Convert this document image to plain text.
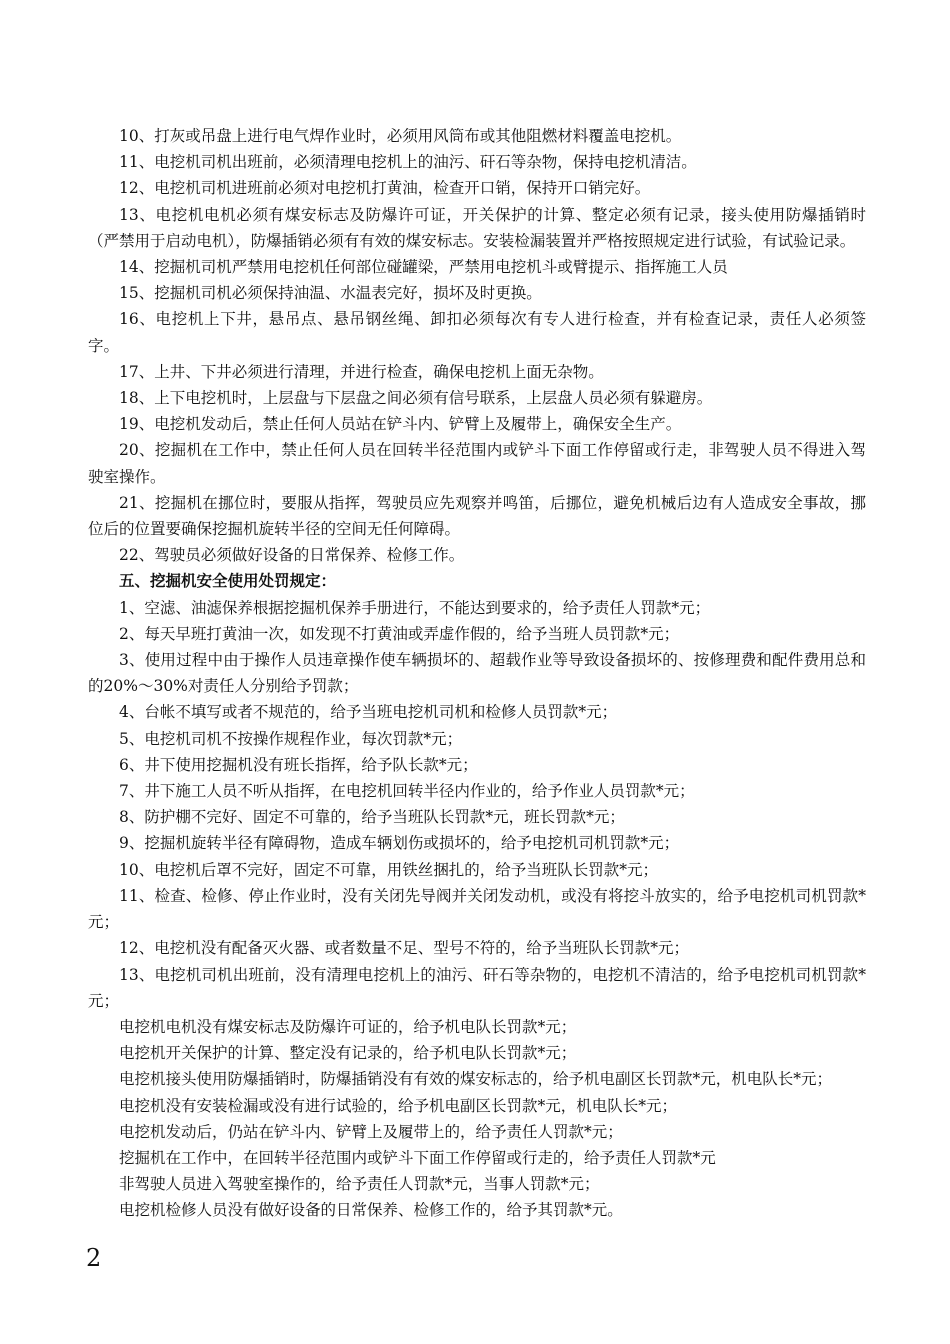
10、打灰或吊盘上进行电气焊作业时，必须用风筒布或其他阻燃材料覆盖电挖机。

11、电挖机司机出班前，必须清理电挖机上的油污、矸石等杂物，保持电挖机清洁。

12、电挖机司机进班前必须对电挖机打黄油，检查开口销，保持开口销完好。

13、电挖机电机必须有煤安标志及防爆许可证，开关保护的计算、整定必须有记录，接头使用防爆插销时（严禁用于启动电机），防爆插销必须有有效的煤安标志。安装检漏装置并严格按照规定进行试验，有试验记录。

14、挖掘机司机严禁用电挖机任何部位碰罐梁，严禁用电挖机斗或臂提示、指挥施工人员

15、挖掘机司机必须保持油温、水温表完好，损坏及时更换。

16、电挖机上下井，悬吊点、悬吊钢丝绳、卸扣必须每次有专人进行检查，并有检查记录，责任人必须签字。

17、上井、下井必须进行清理，并进行检查，确保电挖机上面无杂物。

18、上下电挖机时，上层盘与下层盘之间必须有信号联系，上层盘人员必须有躲避房。

19、电挖机发动后，禁止任何人员站在铲斗内、铲臂上及履带上，确保安全生产。

20、挖掘机在工作中，禁止任何人员在回转半径范围内或铲斗下面工作停留或行走，非驾驶人员不得进入驾驶室操作。

21、挖掘机在挪位时，要服从指挥，驾驶员应先观察并鸣笛，后挪位，避免机械后边有人造成安全事故，挪位后的位置要确保挖掘机旋转半径的空间无任何障碍。

22、驾驶员必须做好设备的日常保养、检修工作。

五、挖掘机安全使用处罚规定：

1、空滤、油滤保养根据挖掘机保养手册进行，不能达到要求的，给予责任人罚款*元；

2、每天早班打黄油一次，如发现不打黄油或弄虚作假的，给予当班人员罚款*元；

3、使用过程中由于操作人员违章操作使车辆损坏的、超载作业等导致设备损坏的、按修理费和配件费用总和的20%～30%对责任人分别给予罚款；

4、台帐不填写或者不规范的，给予当班电挖机司机和检修人员罚款*元；

5、电挖机司机不按操作规程作业，每次罚款*元；

6、井下使用挖掘机没有班长指挥，给予队长款*元；

7、井下施工人员不听从指挥，在电挖机回转半径内作业的，给予作业人员罚款*元；

8、防护棚不完好、固定不可靠的，给予当班队长罚款*元，班长罚款*元；

9、挖掘机旋转半径有障碍物，造成车辆划伤或损坏的，给予电挖机司机罚款*元；

10、电挖机后罩不完好，固定不可靠，用铁丝捆扎的，给予当班队长罚款*元；

11、检查、检修、停止作业时，没有关闭先导阀并关闭发动机，或没有将挖斗放实的，给予电挖机司机罚款*元；

12、电挖机没有配备灭火器、或者数量不足、型号不符的，给予当班队长罚款*元；

13、电挖机司机出班前，没有清理电挖机上的油污、矸石等杂物的，电挖机不清洁的，给予电挖机司机罚款*元；

电挖机电机没有煤安标志及防爆许可证的，给予机电队长罚款*元；

电挖机开关保护的计算、整定没有记录的，给予机电队长罚款*元；

电挖机接头使用防爆插销时，防爆插销没有有效的煤安标志的，给予机电副区长罚款*元，机电队长*元；

电挖机没有安装检漏或没有进行试验的，给予机电副区长罚款*元，机电队长*元；

电挖机发动后，仍站在铲斗内、铲臂上及履带上的，给予责任人罚款*元；

挖掘机在工作中，在回转半径范围内或铲斗下面工作停留或行走的，给予责任人罚款*元

非驾驶人员进入驾驶室操作的，给予责任人罚款*元，当事人罚款*元；

电挖机检修人员没有做好设备的日常保养、检修工作的，给予其罚款*元。

2
